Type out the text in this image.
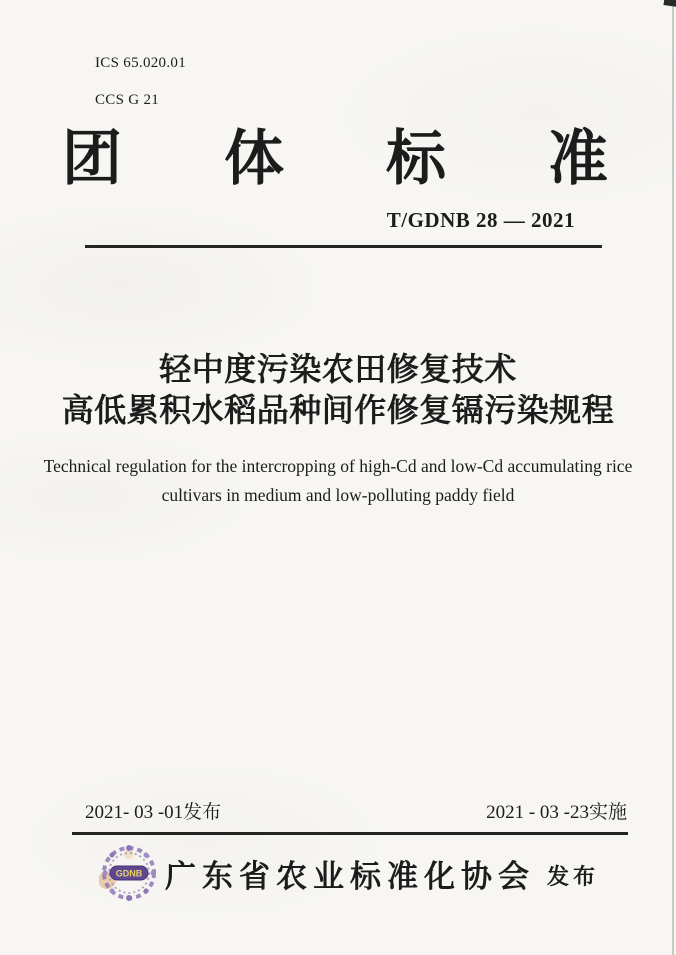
ICS 65.020.01
CCS G 21
团 体 标 准
T/GDNB 28 — 2021
轻中度污染农田修复技术
高低累积水稻品种间作修复镉污染规程
Technical regulation for the intercropping of high-Cd and low-Cd accumulating rice
cultivars in medium and low-polluting paddy field
2021- 03 -01发布	2021 - 03 -23实施
GDNB 广东省农业标准化协会 发布
